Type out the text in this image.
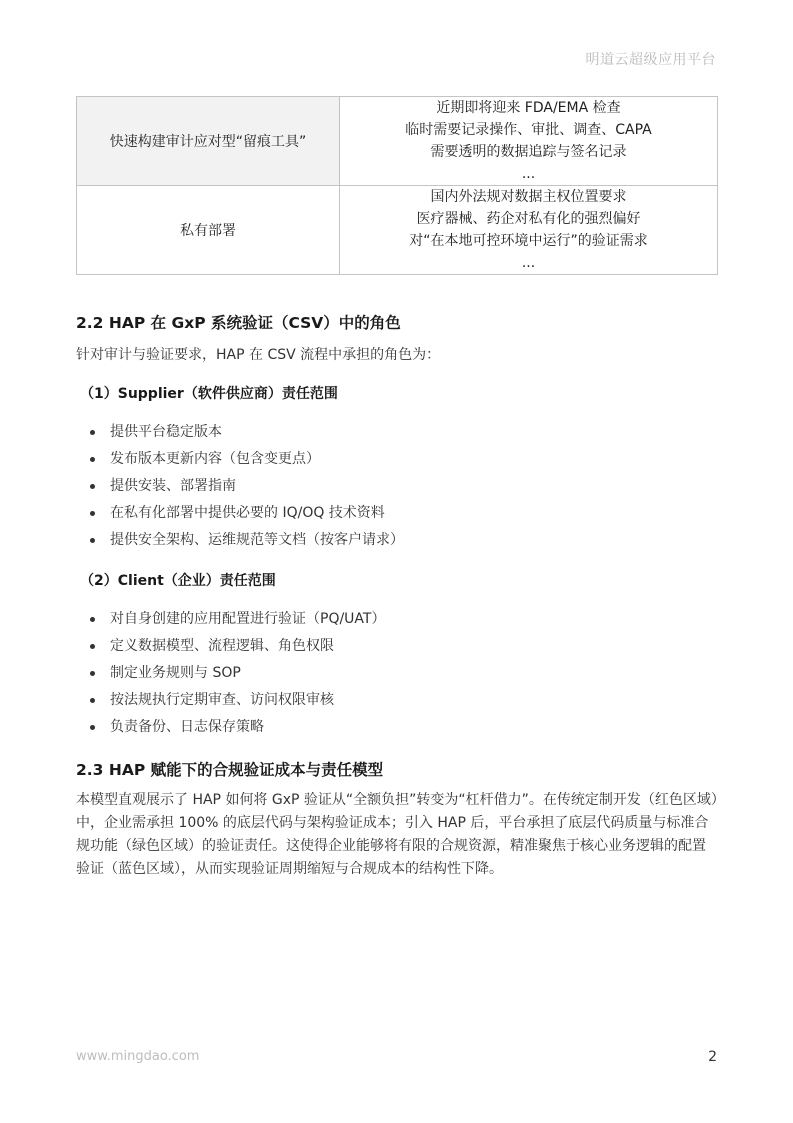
明道云超级应用平台
快速构建审计应对型“留痕工具”	近期即将迎来 FDA/EMA 检查
临时需要记录操作、审批、调查、CAPA
需要透明的数据追踪与签名记录
...

私有部署	国内外法规对数据主权位置要求
医疗器械、药企对私有化的强烈偏好
对“在本地可控环境中运行”的验证需求
...
2.2 HAP 在 GxP 系统验证（CSV）中的角色

针对审计与验证要求，HAP 在 CSV 流程中承担的角色为：

（1）Supplier（软件供应商）责任范围
提供平台稳定版本
发布版本更新内容（包含变更点）
提供安装、部署指南
在私有化部署中提供必要的 IQ/OQ 技术资料
提供安全架构、运维规范等文档（按客户请求）
（2）Client（企业）责任范围
对自身创建的应用配置进行验证（PQ/UAT）
定义数据模型、流程逻辑、角色权限
制定业务规则与 SOP
按法规执行定期审查、访问权限审核
负责备份、日志保存策略
2.3 HAP 赋能下的合规验证成本与责任模型

本模型直观展示了 HAP 如何将 GxP 验证从“全额负担”转变为“杠杆借力”。在传统定制开发（红色区域）中，企业需承担 100% 的底层代码与架构验证成本；引入 HAP 后，平台承担了底层代码质量与标准合规功能（绿色区域）的验证责任。这使得企业能够将有限的合规资源，精准聚焦于核心业务逻辑的配置验证（蓝色区域），从而实现验证周期缩短与合规成本的结构性下降。

www.mingdao.com	2
